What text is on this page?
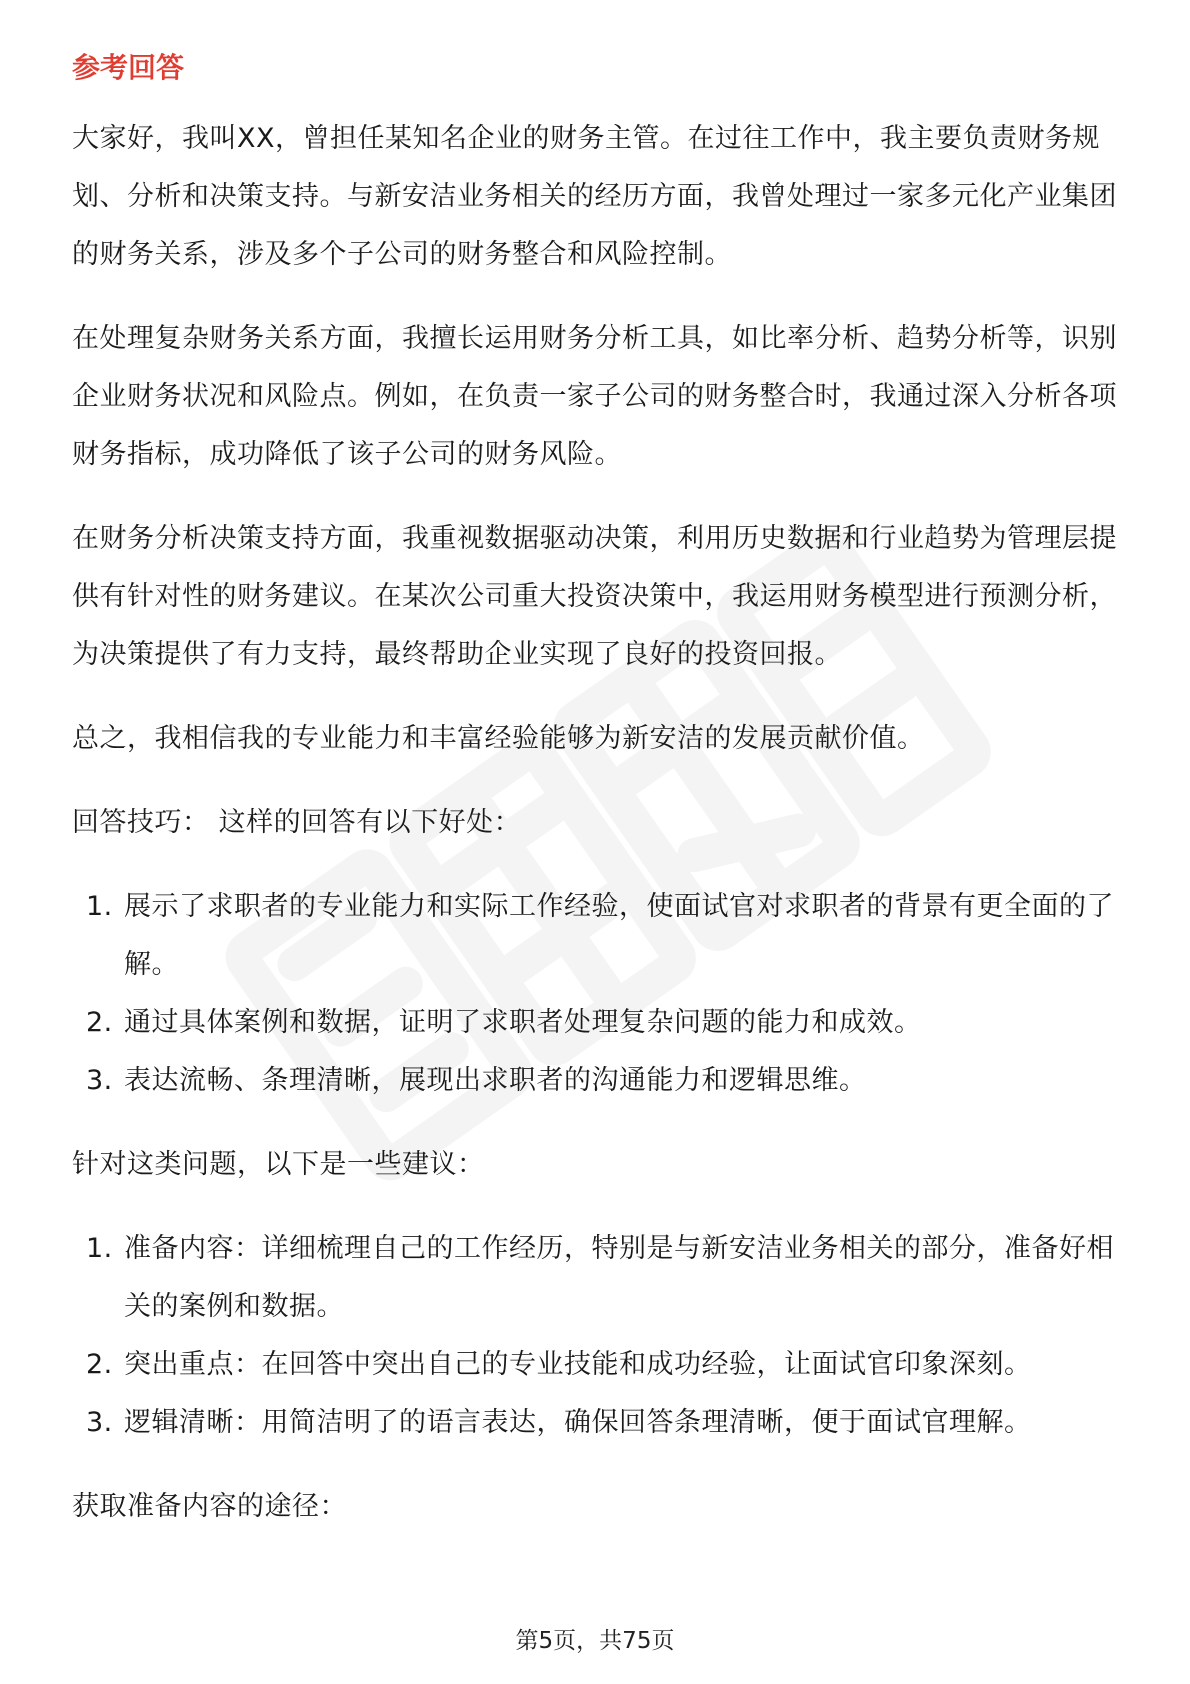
参考回答

大家好，我叫XX，曾担任某知名企业的财务主管。在过往工作中，我主要负责财务规划、分析和决策支持。与新安洁业务相关的经历方面，我曾处理过一家多元化产业集团的财务关系，涉及多个子公司的财务整合和风险控制。

在处理复杂财务关系方面，我擅长运用财务分析工具，如比率分析、趋势分析等，识别企业财务状况和风险点。例如，在负责一家子公司的财务整合时，我通过深入分析各项财务指标，成功降低了该子公司的财务风险。

在财务分析决策支持方面，我重视数据驱动决策，利用历史数据和行业趋势为管理层提供有针对性的财务建议。在某次公司重大投资决策中，我运用财务模型进行预测分析，为决策提供了有力支持，最终帮助企业实现了良好的投资回报。

总之，我相信我的专业能力和丰富经验能够为新安洁的发展贡献价值。

回答技巧： 这样的回答有以下好处：

1. 展示了求职者的专业能力和实际工作经验，使面试官对求职者的背景有更全面的了解。
2. 通过具体案例和数据，证明了求职者处理复杂问题的能力和成效。
3. 表达流畅、条理清晰，展现出求职者的沟通能力和逻辑思维。

针对这类问题，以下是一些建议：

1. 准备内容：详细梳理自己的工作经历，特别是与新安洁业务相关的部分，准备好相关的案例和数据。
2. 突出重点：在回答中突出自己的专业技能和成功经验，让面试官印象深刻。
3. 逻辑清晰：用简洁明了的语言表达，确保回答条理清晰，便于面试官理解。

获取准备内容的途径：

第5页，共75页
